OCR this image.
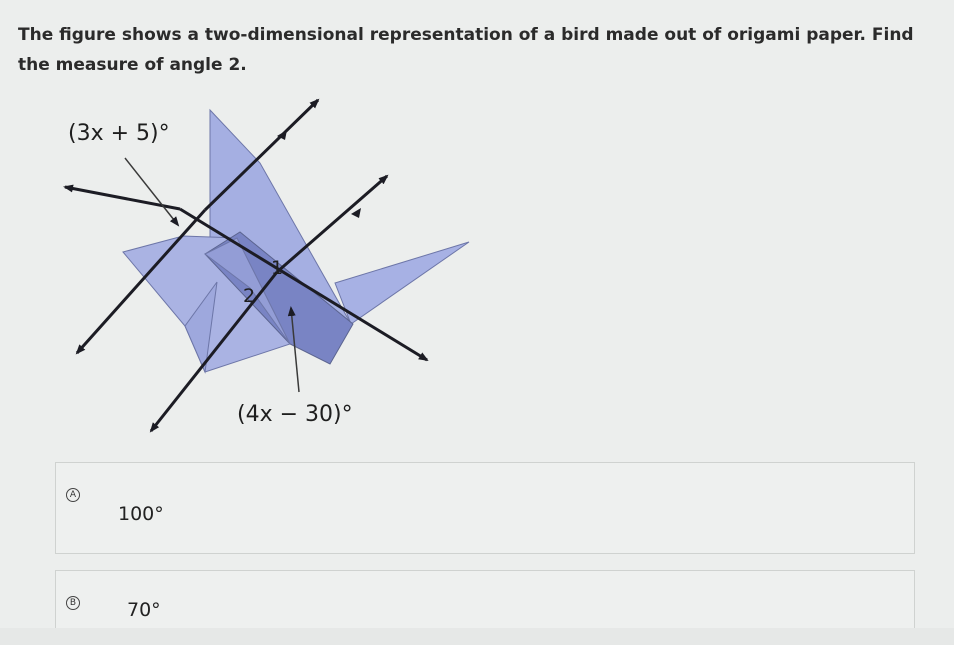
The figure shows a two-dimensional representation of a bird made out of origami paper. Find the measure of angle 2.
(3x + 5)°
(4x − 30)°
1
2
A
100°
B	70°
